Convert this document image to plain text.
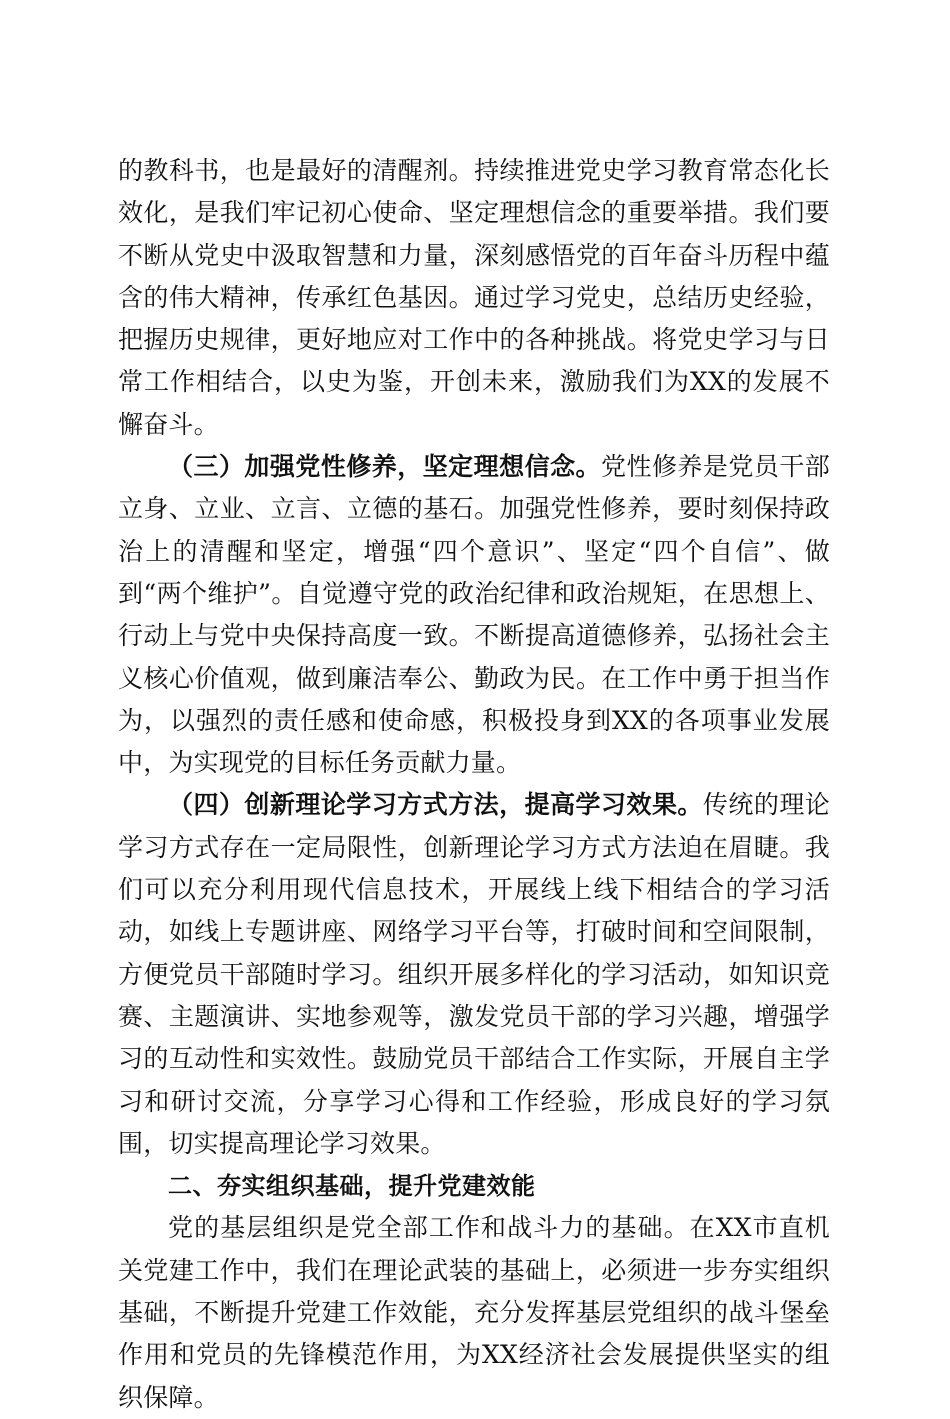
的教科书，也是最好的清醒剂。持续推进党史学习教育常态化长效化，是我们牢记初心使命、坚定理想信念的重要举措。我们要不断从党史中汲取智慧和力量，深刻感悟党的百年奋斗历程中蕴含的伟大精神，传承红色基因。通过学习党史，总结历史经验，把握历史规律，更好地应对工作中的各种挑战。将党史学习与日常工作相结合，以史为鉴，开创未来，激励我们为XX的发展不懈奋斗。

（三）加强党性修养，坚定理想信念。党性修养是党员干部立身、立业、立言、立德的基石。加强党性修养，要时刻保持政治上的清醒和坚定，增强“四个意识”、坚定“四个自信”、做到“两个维护”。自觉遵守党的政治纪律和政治规矩，在思想上、行动上与党中央保持高度一致。不断提高道德修养，弘扬社会主义核心价值观，做到廉洁奉公、勤政为民。在工作中勇于担当作为，以强烈的责任感和使命感，积极投身到XX的各项事业发展中，为实现党的目标任务贡献力量。

（四）创新理论学习方式方法，提高学习效果。传统的理论学习方式存在一定局限性，创新理论学习方式方法迫在眉睫。我们可以充分利用现代信息技术，开展线上线下相结合的学习活动，如线上专题讲座、网络学习平台等，打破时间和空间限制，方便党员干部随时学习。组织开展多样化的学习活动，如知识竞赛、主题演讲、实地参观等，激发党员干部的学习兴趣，增强学习的互动性和实效性。鼓励党员干部结合工作实际，开展自主学习和研讨交流，分享学习心得和工作经验，形成良好的学习氛围，切实提高理论学习效果。

二、夯实组织基础，提升党建效能

党的基层组织是党全部工作和战斗力的基础。在XX市直机关党建工作中，我们在理论武装的基础上，必须进一步夯实组织基础，不断提升党建工作效能，充分发挥基层党组织的战斗堡垒作用和党员的先锋模范作用，为XX经济社会发展提供坚实的组织保障。
